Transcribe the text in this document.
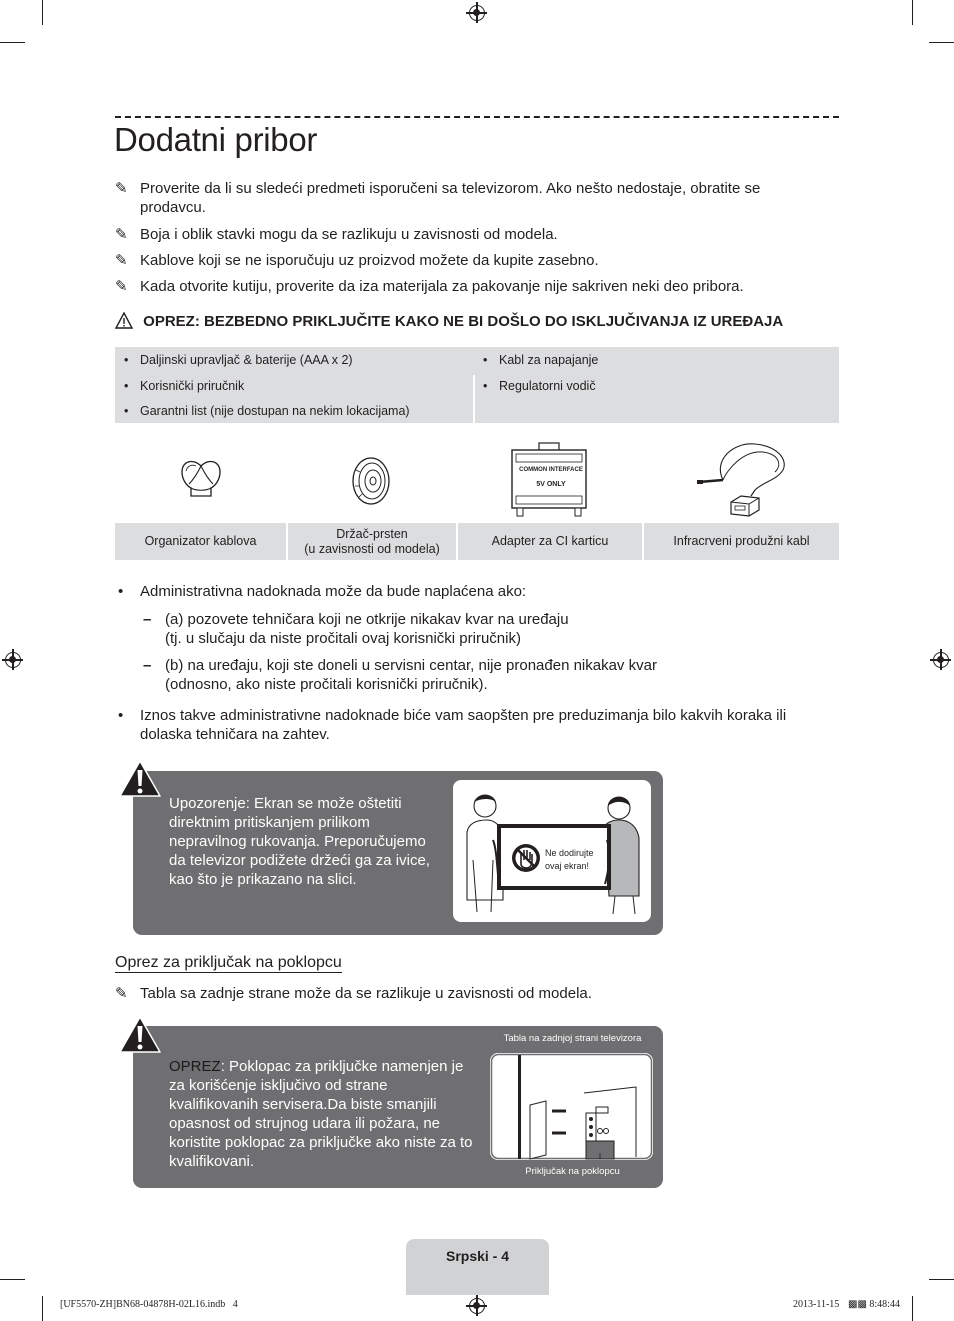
Dodatni pribor
✎ Proverite da li su sledeći predmeti isporučeni sa televizorom. Ako nešto nedostaje, obratite se prodavcu.
✎ Boja i oblik stavki mogu da se razlikuju u zavisnosti od modela.
✎ Kablove koji se ne isporučuju uz proizvod možete da kupite zasebno.
✎ Kada otvorite kutiju, proverite da iza materijala za pakovanje nije sakriven neki deo pribora.
OPREZ: BEZBEDNO PRIKLJUČITE KAKO NE BI DOŠLO DO ISKLJUČIVANJA IZ UREĐAJA
• Daljinski upravljač & baterije (AAA x 2)
• Korisnički priručnik
• Garantni list (nije dostupan na nekim lokacijama)
• Kabl za napajanje
• Regulatorni vodič
COMMON INTERFACE
5V ONLY
Organizator kablova
Držač-prsten
(u zavisnosti od modela)
Adapter za CI karticu	Infracrveni produžni kabl
• Administrativna nadoknada može da bude naplaćena ako:
– (a) pozovete tehničara koji ne otkrije nikakav kvar na uređaju
(tj. u slučaju da niste pročitali ovaj korisnički priručnik)
– (b) na uređaju, koji ste doneli u servisni centar, nije pronađen nikakav kvar
(odnosno, ako niste pročitali korisnički priručnik).
• Iznos takve administrativne nadoknade biće vam saopšten pre preduzimanja bilo kakvih koraka ili dolaska tehničara na zahtev.
Upozorenje: Ekran se može oštetiti direktnim pritiskanjem prilikom nepravilnog rukovanja. Preporučujemo da televizor podižete držeći ga za ivice, kao što je prikazano na slici.
Ne dodirujte
ovaj ekran!
Oprez za priključak na poklopcu
✎ Tabla sa zadnje strane može da se razlikuje u zavisnosti od modela.
OPREZ: Poklopac za priključke namenjen je za korišćenje isključivo od strane kvalifikovanih servisera.Da biste smanjili opasnost od strujnog udara ili požara, ne koristite poklopac za priključke ako niste za to kvalifikovani.
Tabla na zadnjoj strani televizora
Priključak na poklopcu
Srpski - 4
[UF5570-ZH]BN68-04878H-02L16.indb   4	2013-11-15 ▩▩ 8:48:44
